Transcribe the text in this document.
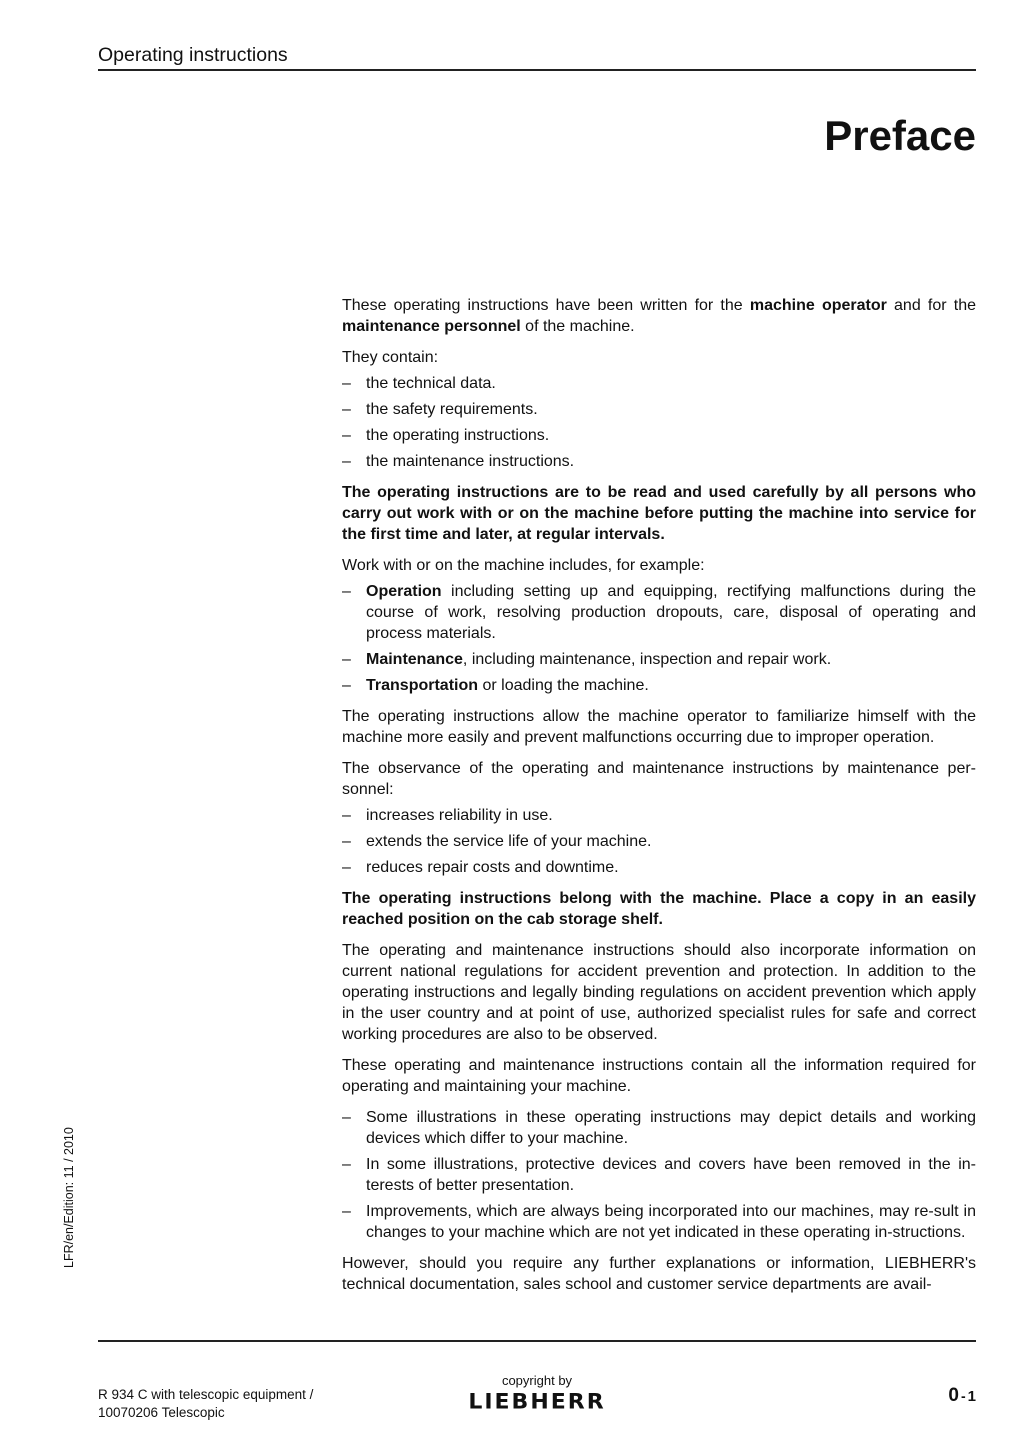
Operating instructions
Preface

These operating instructions have been written for the machine operator and for the maintenance personnel of the machine.

They contain:

– the technical data.
– the safety requirements.
– the operating instructions.
– the maintenance instructions.

The operating instructions are to be read and used carefully by all persons who carry out work with or on the machine before putting the machine into service for the first time and later, at regular intervals.

Work with or on the machine includes, for example:

– Operation including setting up and equipping, rectifying malfunctions during the course of work, resolving production dropouts, care, disposal of operating and process materials.
– Maintenance, including maintenance, inspection and repair work.
– Transportation or loading the machine.

The operating instructions allow the machine operator to familiarize himself with the machine more easily and prevent malfunctions occurring due to improper operation.

The observance of the operating and maintenance instructions by maintenance per-sonnel:

– increases reliability in use.
– extends the service life of your machine.
– reduces repair costs and downtime.

The operating instructions belong with the machine. Place a copy in an easily reached position on the cab storage shelf.

The operating and maintenance instructions should also incorporate information on current national regulations for accident prevention and protection. In addition to the operating instructions and legally binding regulations on accident prevention which apply in the user country and at point of use, authorized specialist rules for safe and correct working procedures are also to be observed.

These operating and maintenance instructions contain all the information required for operating and maintaining your machine.

– Some illustrations in these operating instructions may depict details and working devices which differ to your machine.
– In some illustrations, protective devices and covers have been removed in the in-terests of better presentation.
– Improvements, which are always being incorporated into our machines, may re-sult in changes to your machine which are not yet indicated in these operating in-structions.

However, should you require any further explanations or information, LIEBHERR's technical documentation, sales school and customer service departments are avail-

LFR/en/Edition: 11 / 2010
R 934 C with telescopic equipment /
10070206 Telescopic
copyright by
LIEBHERR	0 - 1
